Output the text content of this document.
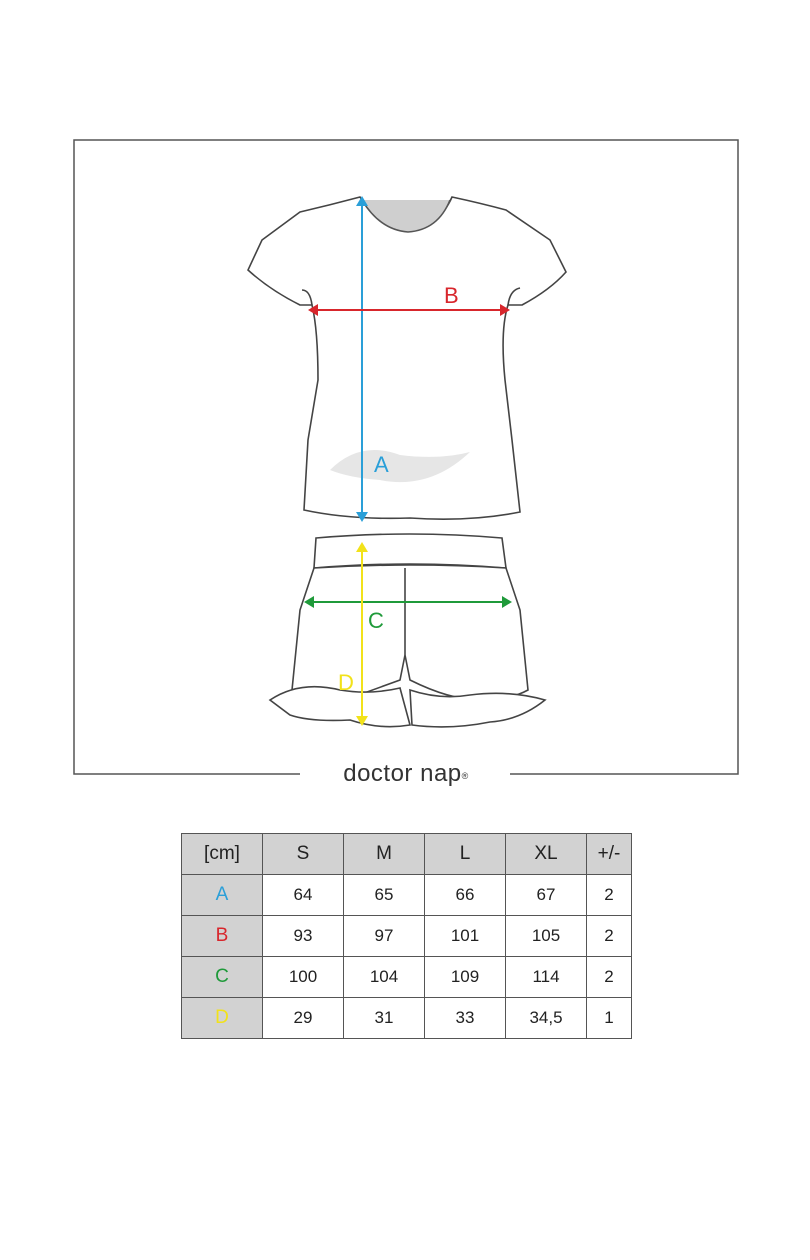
A
B
C
D
doctor nap®
[cm]	S	M	L	XL	+/-
A	64	65	66	67	2
B	93	97	101	105	2
C	100	104	109	114	2
D	29	31	33	34,5	1
